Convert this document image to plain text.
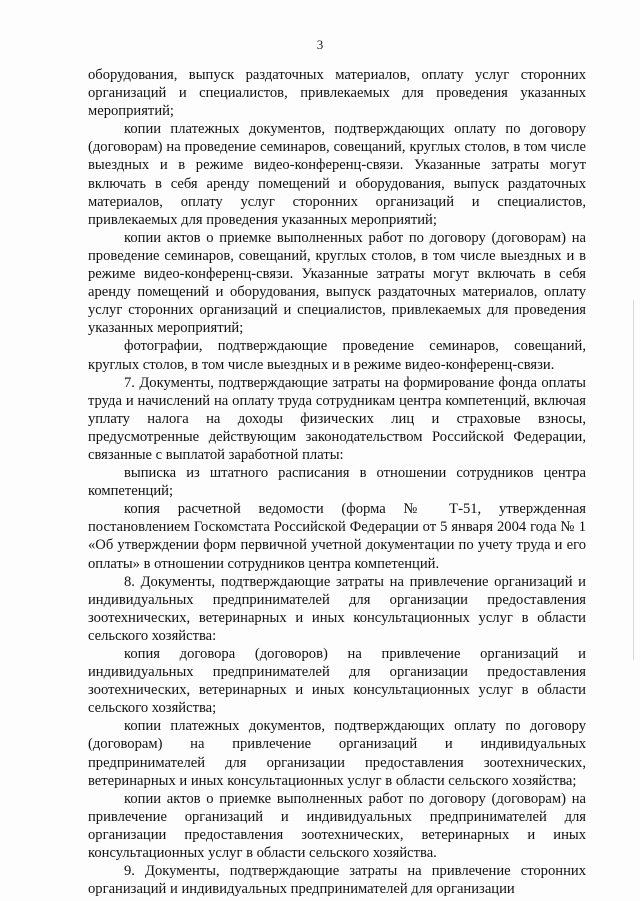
3

оборудования, выпуск раздаточных материалов, оплату услуг сторонних организаций и специалистов, привлекаемых для проведения указанных мероприятий;

копии платежных документов, подтверждающих оплату по договору (договорам) на проведение семинаров, совещаний, круглых столов, в том числе выездных и в режиме видео-конференц-связи. Указанные затраты могут включать в себя аренду помещений и оборудования, выпуск раздаточных материалов, оплату услуг сторонних организаций и специалистов, привлекаемых для проведения указанных мероприятий;

копии актов о приемке выполненных работ по договору (договорам) на проведение семинаров, совещаний, круглых столов, в том числе выездных и в режиме видео-конференц-связи. Указанные затраты могут включать в себя аренду помещений и оборудования, выпуск раздаточных материалов, оплату услуг сторонних организаций и специалистов, привлекаемых для проведения указанных мероприятий;

фотографии, подтверждающие проведение семинаров, совещаний, круглых столов, в том числе выездных и в режиме видео-конференц-связи.

7. Документы, подтверждающие затраты на формирование фонда оплаты труда и начислений на оплату труда сотрудникам центра компетенций, включая уплату налога на доходы физических лиц и страховые взносы, предусмотренные действующим законодательством Российской Федерации, связанные с выплатой заработной платы:

выписка из штатного расписания в отношении сотрудников центра компетенций;

копия расчетной ведомости (форма № Т-51, утвержденная постановлением Госкомстата Российской Федерации от 5 января 2004 года № 1 «Об утверждении форм первичной учетной документации по учету труда и его оплаты» в отношении сотрудников центра компетенций.

8. Документы, подтверждающие затраты на привлечение организаций и индивидуальных предпринимателей для организации предоставления зоотехнических, ветеринарных и иных консультационных услуг в области сельского хозяйства:

копия договора (договоров) на привлечение организаций и индивидуальных предпринимателей для организации предоставления зоотехнических, ветеринарных и иных консультационных услуг в области сельского хозяйства;

копии платежных документов, подтверждающих оплату по договору (договорам) на привлечение организаций и индивидуальных предпринимателей для организации предоставления зоотехнических, ветеринарных и иных консультационных услуг в области сельского хозяйства;

копии актов о приемке выполненных работ по договору (договорам) на привлечение организаций и индивидуальных предпринимателей для организации предоставления зоотехнических, ветеринарных и иных консультационных услуг в области сельского хозяйства.

9. Документы, подтверждающие затраты на привлечение сторонних организаций и индивидуальных предпринимателей для организации
